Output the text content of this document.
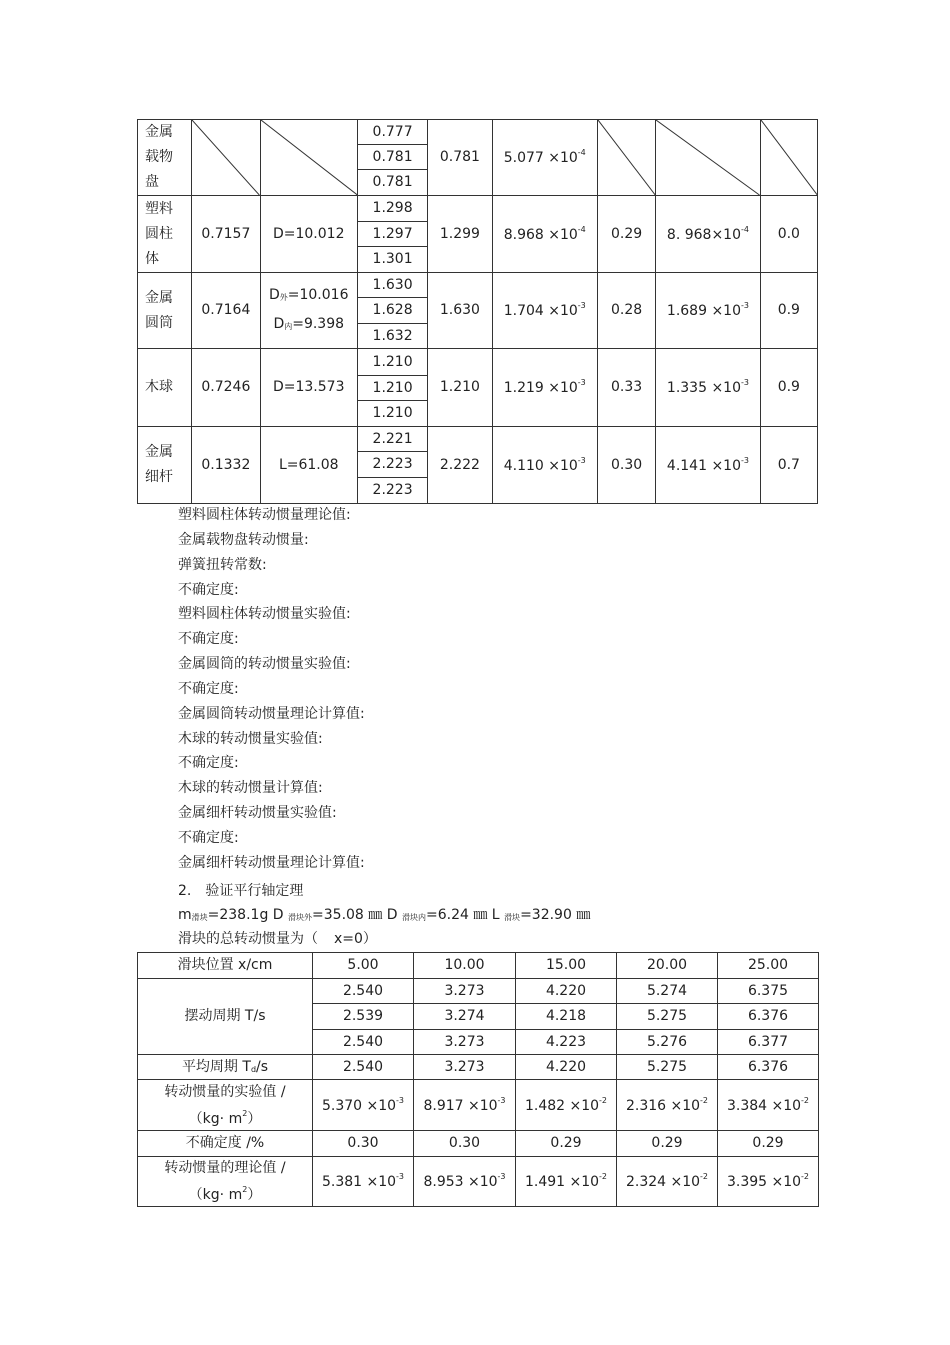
金属载物盘			0.777	0.781	$5.077 \times 10^{-4}$	

			0.781					
			0.781					

塑料圆柱体	0.7157	D=10.012	1.298	1.299	$8.968 \times 10^{-4}$	0.29	8. $968\times 10^{-4}$	0.0
			1.297					
			1.301					

金属圆筒	0.7164	$D_外=10.016$
$D_内=9.398$	1.630	1.630	$1.704 \times 10^{-3}$	0.28	$1.689 \times 10^{-3}$	0.9
			1.628					
			1.632					

木球	0.7246	D=13.573	1.210	1.210	$1.219 \times 10^{-3}$	0.33	$1.335 \times 10^{-3}$	0.9
			1.210					
			1.210					

金属细杆	0.1332	L=61.08	2.221	2.222	$4.110 \times 10^{-3}$	0.30	$4.141 \times 10^{-3}$	0.7
			2.223					
			2.223					
塑料圆柱体转动惯量理论值:
金属载物盘转动惯量:
弹簧扭转常数:
不确定度:
塑料圆柱体转动惯量实验值:
不确定度:
金属圆筒的转动惯量实验值:
不确定度:
金属圆筒转动惯量理论计算值:
木球的转动惯量实验值:
不确定度:
木球的转动惯量计算值:
金属细杆转动惯量实验值:
不确定度:
金属细杆转动惯量理论计算值:
2. 验证平行轴定理
$m_{滑块}=238.1g$ D $_{滑块外}$=35.08 ㎜ D $_{滑块内}$=6.24 ㎜ L $_{滑块}$=32.90 ㎜
滑块的总转动惯量为（ x=0）
滑块位置 x/cm	5.00	10.00	15.00	20.00	25.00
摆动周期 T/s	2.540	3.273	4.220	5.274	6.375
	2.539	3.274	4.218	5.275	6.376
	2.540	3.273	4.223	5.276	6.377
平均周期 $T_d/s$	2.540	3.273	4.220	5.275	6.376

转动惯量的实验值 /
$(kg\cdot m^2)$	$5.370 \times 10^{-3}$	$8.917 \times 10^{-3}$	$1.482 \times 10^{-2}$	$2.316 \times 10^{-2}$	$3.384 \times 10^{-2}$
不确定度 /%	0.30	0.30	0.29	0.29	0.29

转动惯量的理论值 /
$(kg\cdot m^2)$	$5.381 \times 10^{-3}$	$8.953 \times 10^{-3}$	$1.491 \times 10^{-2}$	$2.324 \times 10^{-2}$	$3.395 \times 10^{-2}$
